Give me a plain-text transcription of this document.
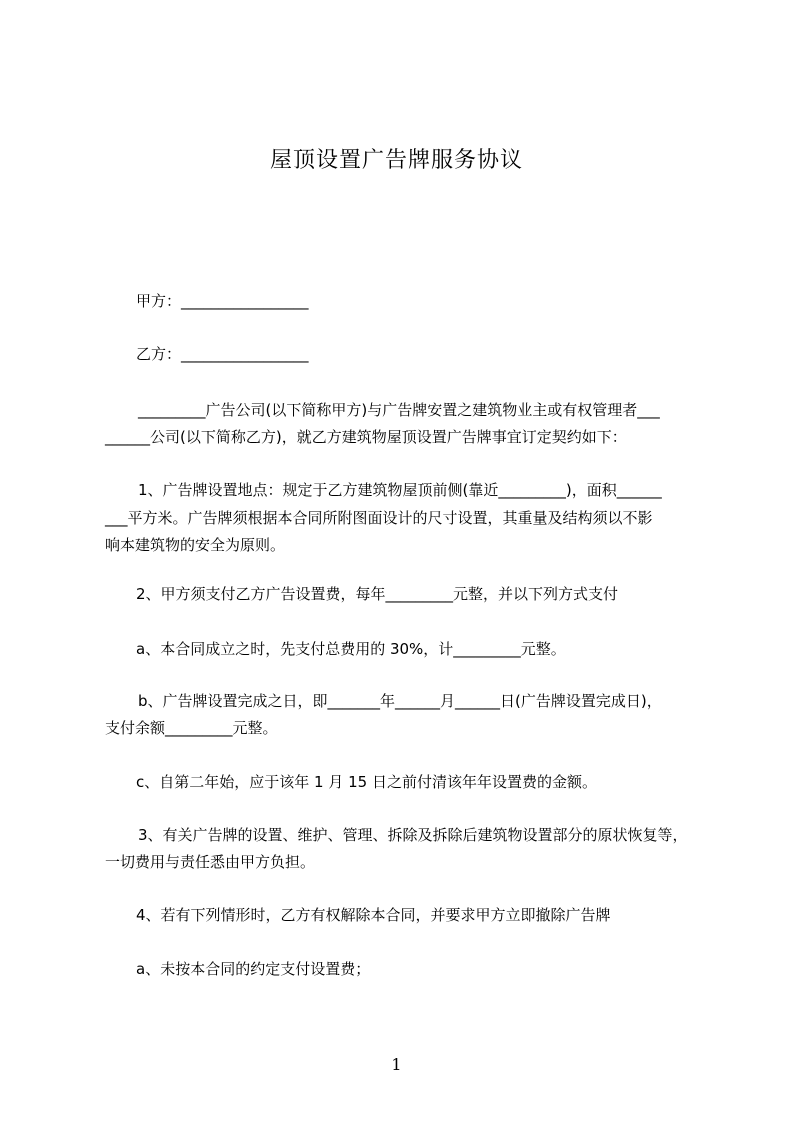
屋顶设置广告牌服务协议
甲方：_________________
乙方：_________________
_________广告公司(以下简称甲方)与广告牌安置之建筑物业主或有权管理者___
______公司(以下简称乙方)，就乙方建筑物屋顶设置广告牌事宜订定契约如下：
1、广告牌设置地点：规定于乙方建筑物屋顶前侧(靠近_________)，面积______
___平方米。广告牌须根据本合同所附图面设计的尺寸设置，其重量及结构须以不影
响本建筑物的安全为原则。
2、甲方须支付乙方广告设置费，每年_________元整，并以下列方式支付
a、本合同成立之时，先支付总费用的 30%，计_________元整。
b、广告牌设置完成之日，即_______年______月______日(广告牌设置完成日)，
支付余额_________元整。
c、自第二年始，应于该年 1 月 15 日之前付清该年年设置费的金额。
3、有关广告牌的设置、维护、管理、拆除及拆除后建筑物设置部分的原状恢复等，
一切费用与责任悉由甲方负担。
4、若有下列情形时，乙方有权解除本合同，并要求甲方立即撤除广告牌
a、未按本合同的约定支付设置费；
1
